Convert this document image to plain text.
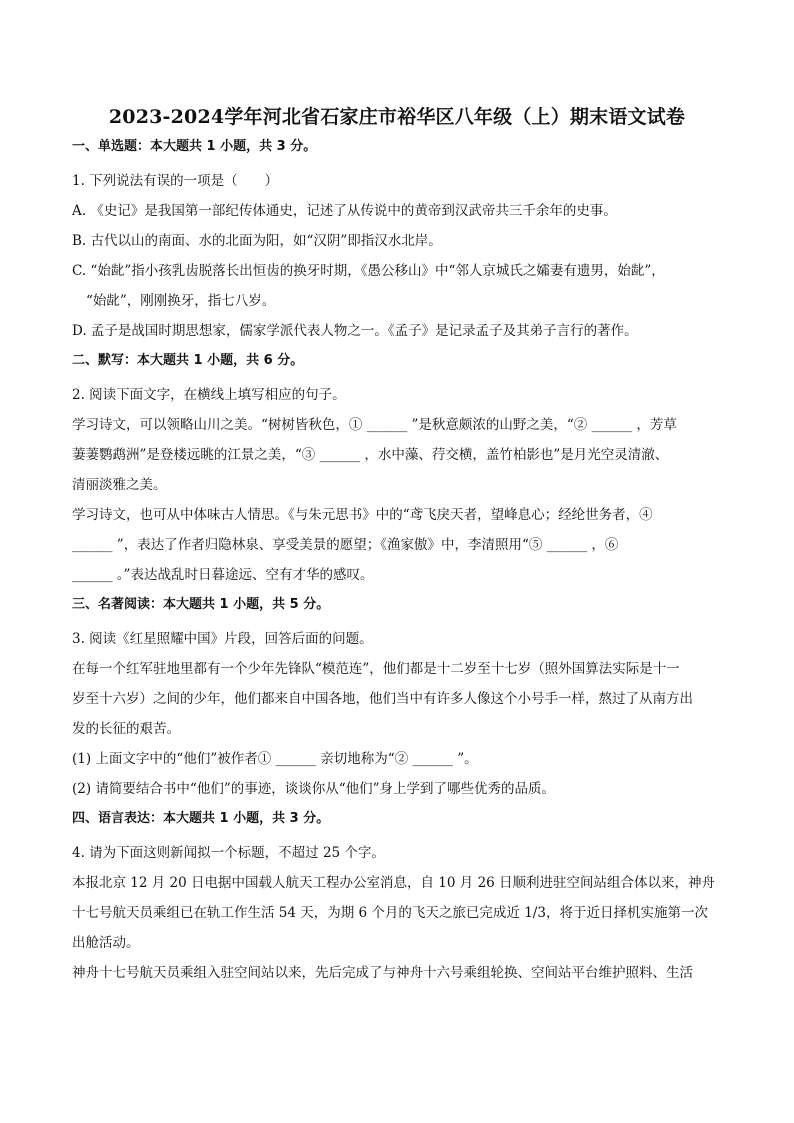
2023-2024学年河北省石家庄市裕华区八年级（上）期末语文试卷
一、单选题：本大题共 1 小题，共 3 分。

1. 下列说法有误的一项是（　　）

A. 《史记》是我国第一部纪传体通史，记述了从传说中的黄帝到汉武帝共三千余年的史事。

B. 古代以山的南面、水的北面为阳，如“汉阴”即指汉水北岸。

C. “始龀”指小孩乳齿脱落长出恒齿的换牙时期，《愚公移山》中“邻人京城氏之孀妻有遗男，始龀”，

“始龀”，刚刚换牙，指七八岁。

D. 孟子是战国时期思想家，儒家学派代表人物之一。《孟子》是记录孟子及其弟子言行的著作。

二、默写：本大题共 1 小题，共 6 分。

2. 阅读下面文字，在横线上填写相应的句子。

学习诗文，可以领略山川之美。“树树皆秋色，① ______ ”是秋意颇浓的山野之美，“② ______ ，芳草

萋萋鹦鹉洲”是登楼远眺的江景之美，“③ ______ ，水中藻、荇交横，盖竹柏影也”是月光空灵清澈、

清丽淡雅之美。

学习诗文，也可从中体味古人情思。《与朱元思书》中的“鸢飞戾天者，望峰息心；经纶世务者，④

______ ”，表达了作者归隐林泉、享受美景的愿望；《渔家傲》中，李清照用“⑤ ______ ，⑥

______ 。”表达战乱时日暮途远、空有才华的感叹。

三、名著阅读：本大题共 1 小题，共 5 分。

3. 阅读《红星照耀中国》片段，回答后面的问题。

在每一个红军驻地里都有一个少年先锋队“模范连”，他们都是十二岁至十七岁（照外国算法实际是十一

岁至十六岁）之间的少年，他们都来自中国各地，他们当中有许多人像这个小号手一样，熬过了从南方出

发的长征的艰苦。

(1) 上面文字中的“他们”被作者① ______ 亲切地称为“② ______ ”。

(2) 请简要结合书中“他们”的事迹，谈谈你从“他们”身上学到了哪些优秀的品质。

四、语言表达：本大题共 1 小题，共 3 分。

4. 请为下面这则新闻拟一个标题，不超过 25 个字。

本报北京 12 月 20 日电据中国载人航天工程办公室消息，自 10 月 26 日顺利进驻空间站组合体以来，神舟

十七号航天员乘组已在轨工作生活 54 天，为期 6 个月的飞天之旅已完成近 1/3，将于近日择机实施第一次

出舱活动。

神舟十七号航天员乘组入驻空间站以来，先后完成了与神舟十六号乘组轮换、空间站平台维护照料、生活
